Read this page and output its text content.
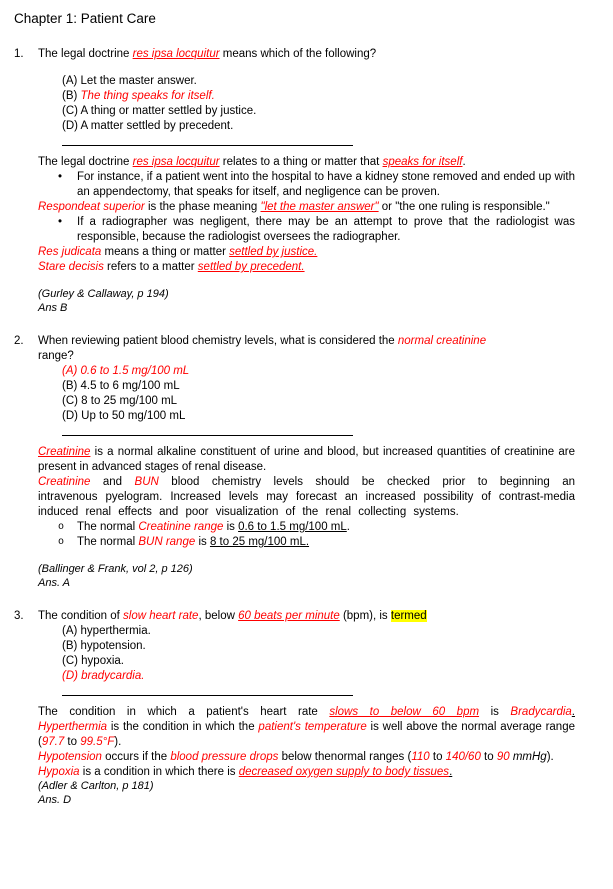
Chapter 1: Patient Care
1. The legal doctrine res ipsa locquitur means which of the following?
(A) Let the master answer.
(B) The thing speaks for itself.
(C) A thing or matter settled by justice.
(D) A matter settled by precedent.
The legal doctrine res ipsa locquitur relates to a thing or matter that speaks for itself.
•	For instance, if a patient went into the hospital to have a kidney stone removed and ended up with an appendectomy, that speaks for itself, and negligence can be proven.
Respondeat superior is the phase meaning "let the master answer" or "the one ruling is responsible."
•	If a radiographer was negligent, there may be an attempt to prove that the radiologist was responsible, because the radiologist oversees the radiographer.
Res judicata means a thing or matter settled by justice.
Stare decisis refers to a matter settled by precedent.
(Gurley & Callaway, p 194)
Ans B
2. When reviewing patient blood chemistry levels, what is considered the normal creatinine
range?
(A) 0.6 to 1.5 mg/100 mL
(B) 4.5 to 6 mg/100 mL
(C) 8 to 25 mg/100 mL
(D) Up to 50 mg/100 mL
Creatinine is a normal alkaline constituent of urine and blood, but increased quantities of creatinine are present in advanced stages of renal disease.
Creatinine and BUN blood chemistry levels should be checked prior to beginning an intravenous pyelogram. Increased levels may forecast an increased possibility of contrast-media induced renal effects and poor visualization of the renal collecting systems.
o	The normal Creatinine range is 0.6 to 1.5 mg/100 mL.
o	The normal BUN range is 8 to 25 mg/100 mL.
(Ballinger & Frank, vol 2, p 126)
Ans. A
3. The condition of slow heart rate, below 60 beats per minute (bpm), is termed
(A) hyperthermia.
(B) hypotension.
(C) hypoxia.
(D) bradycardia.
The condition in which a patient's heart rate slows to below 60 bpm is Bradycardia.
Hyperthermia is the condition in which the patient's temperature is well above the normal average range (97.7 to 99.5°F).
Hypotension occurs if the blood pressure drops below thenormal ranges (110 to 140/60 to 90 mmHg).
Hypoxia is a condition in which there is decreased oxygen supply to body tissues.
(Adler & Carlton, p 181)
Ans. D
